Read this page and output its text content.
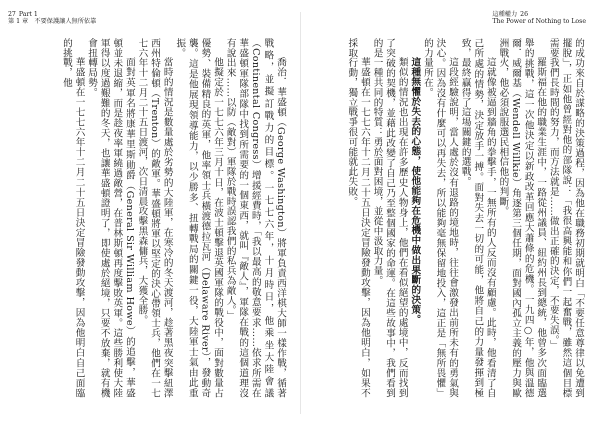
27 Part 1
第 1 章　不要保護讓人無所依靠

喬治．華盛頓（George Washington）將軍負責西洋棋大師一樣作戰，循著戰略，並擬訂戰力的目標。一七七六年，十月時日，他乘坐大陸會議（Continental Congress）增援經費時，「我以最高的敬意要求……依求所需在華盛頓軍隊部隊中找到所需要的一個東西，就叫『敵人』，軍隊在戰的這個道理沒有說出來……以防（敵對）軍隊於戰時誤認我們的私兵為敵人。」

他擬定於一七七六年三月十日，在波士頓擊退英國軍隊的戰役中，面對數量占優勢、裝備精良的英軍，他率領士兵橫渡德拉瓦河（Delaware River），發動奇襲。這是他展現領導能力，以少勝多、扭轉戰局的關鍵一役，大陸軍士氣由此重振。

當時的情況是數量處於劣勢的大陸軍，在寒冷的冬天渡河，趁著黑夜突擊紐澤西州特倫頓（Trenton）的敵軍。華盛頓將軍以堅定的決心帶領士兵，他們在一七七六年十二月二十五日渡河，次日清晨攻擊黑森傭兵，大獲全勝。

面對英軍名將康華里斯勛爵（General Sir William Howe）的追擊，華盛頓並未退縮，而是趁夜率軍繞過敵營，在普林斯頓再度擊敗英軍。這些勝利使大陸軍得以度過艱難的冬天，也讓華盛頓證明了，即使處於絕境，只要不放棄，就有機會扭轉局勢。

華盛頓在一七七六年十二月二十五日決定冒險發動攻擊，因為他明白自己面臨的挑戰，他

這種權力 26
The Power of Nothing to Lose

的成功來自於謀略的決策過程，因為他在職務初期就明白「不要任意尊律以免遭到擺脫」，正如他曾經對他的部隊說：「我很高興能和你們一起奮戰，雖然這個目標需要我們長時間的努力，而方法就是……做出正確的決定，不要失誤。」

羅斯福在他的職業生涯中，一路從州議員、紐約州長到總統，他曾多次面臨選舉的挑戰，這一次他決定以新政改革回應大蕭條的危機。一九四○年，他與溫德爾．威爾基（Wendell Willkie）角逐第三個任期，面對國內孤立主義的壓力與歐洲戰火，他必須說服選民相信他的判斷。

這就像被逼到牆角的拳擊手，一無所有的人反而沒有顧慮。此時，他看清了自己所處的情勢，決定放手一搏。面對失去一切的可能，他將自己的力量發揮到極致，最終贏得了這場關鍵的選戰。

這段經驗說明，當人處於沒有退路的境地時，往往會激發出前所未有的勇氣與決心。因為沒有什麼可以再失去，所以能夠毫無保留地投入，這正是「無所畏懼」的力量所在。

這種無懼於失去的心態，使他能夠在危機中做出果斷的決策。

類似的情況也出現在許多歷史人物身上，他們在看似絕望的處境中，反而找到了突破的契機，並藉此改變了自己乃至整個國家的命運。在這些故事中，我們看到的是一種共同的特質：勇於面對困境，並從中汲取力量。

華盛頓在一七七六年十二月二十五日決定冒險發動攻擊，因為他明白，如果不採取行動，獨立戰爭很可能就此失敗。
